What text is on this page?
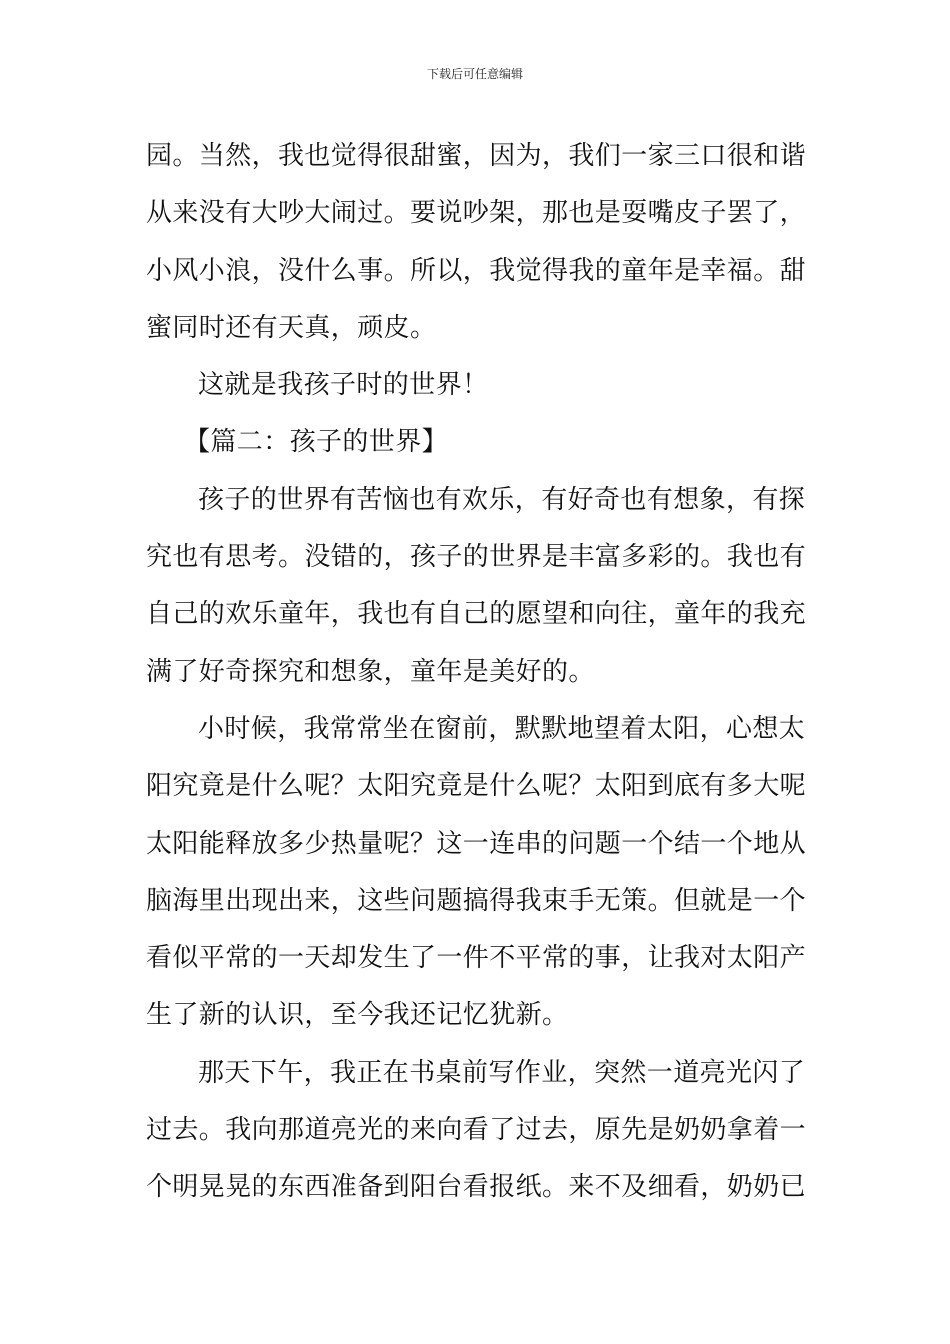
下载后可任意编辑
园。当然，我也觉得很甜蜜，因为，我们一家三口很和谐
从来没有大吵大闹过。要说吵架，那也是耍嘴皮子罢了，
小风小浪，没什么事。所以，我觉得我的童年是幸福。甜
蜜同时还有天真，顽皮。
这就是我孩子时的世界！
【篇二：孩子的世界】
孩子的世界有苦恼也有欢乐，有好奇也有想象，有探
究也有思考。没错的，孩子的世界是丰富多彩的。我也有
自己的欢乐童年，我也有自己的愿望和向往，童年的我充
满了好奇探究和想象，童年是美好的。
小时候，我常常坐在窗前，默默地望着太阳，心想太
阳究竟是什么呢？太阳究竟是什么呢？太阳到底有多大呢
太阳能释放多少热量呢？这一连串的问题一个结一个地从
脑海里出现出来，这些问题搞得我束手无策。但就是一个
看似平常的一天却发生了一件不平常的事，让我对太阳产
生了新的认识，至今我还记忆犹新。
那天下午，我正在书桌前写作业，突然一道亮光闪了
过去。我向那道亮光的来向看了过去，原先是奶奶拿着一
个明晃晃的东西准备到阳台看报纸。来不及细看，奶奶已
